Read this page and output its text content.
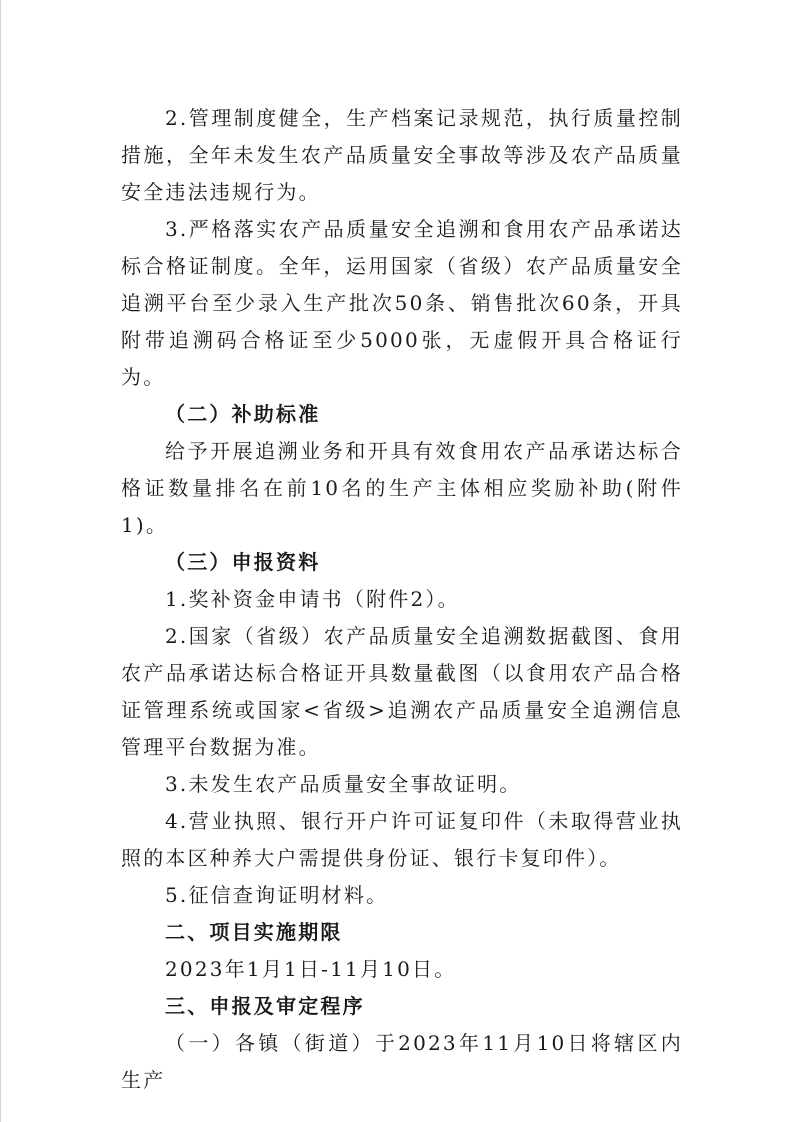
2.管理制度健全，生产档案记录规范，执行质量控制措施，全年未发生农产品质量安全事故等涉及农产品质量安全违法违规行为。

3.严格落实农产品质量安全追溯和食用农产品承诺达标合格证制度。全年，运用国家（省级）农产品质量安全追溯平台至少录入生产批次50条、销售批次60条，开具附带追溯码合格证至少5000张，无虚假开具合格证行为。

（二）补助标准

给予开展追溯业务和开具有效食用农产品承诺达标合格证数量排名在前10名的生产主体相应奖励补助(附件1)。

（三）申报资料

1.奖补资金申请书（附件2）。

2.国家（省级）农产品质量安全追溯数据截图、食用农产品承诺达标合格证开具数量截图（以食用农产品合格证管理系统或国家<省级>追溯农产品质量安全追溯信息管理平台数据为准。

3.未发生农产品质量安全事故证明。

4.营业执照、银行开户许可证复印件（未取得营业执照的本区种养大户需提供身份证、银行卡复印件）。

5.征信查询证明材料。

二、项目实施期限

2023年1月1日-11月10日。

三、申报及审定程序

（一）各镇（街道）于2023年11月10日将辖区内生产
